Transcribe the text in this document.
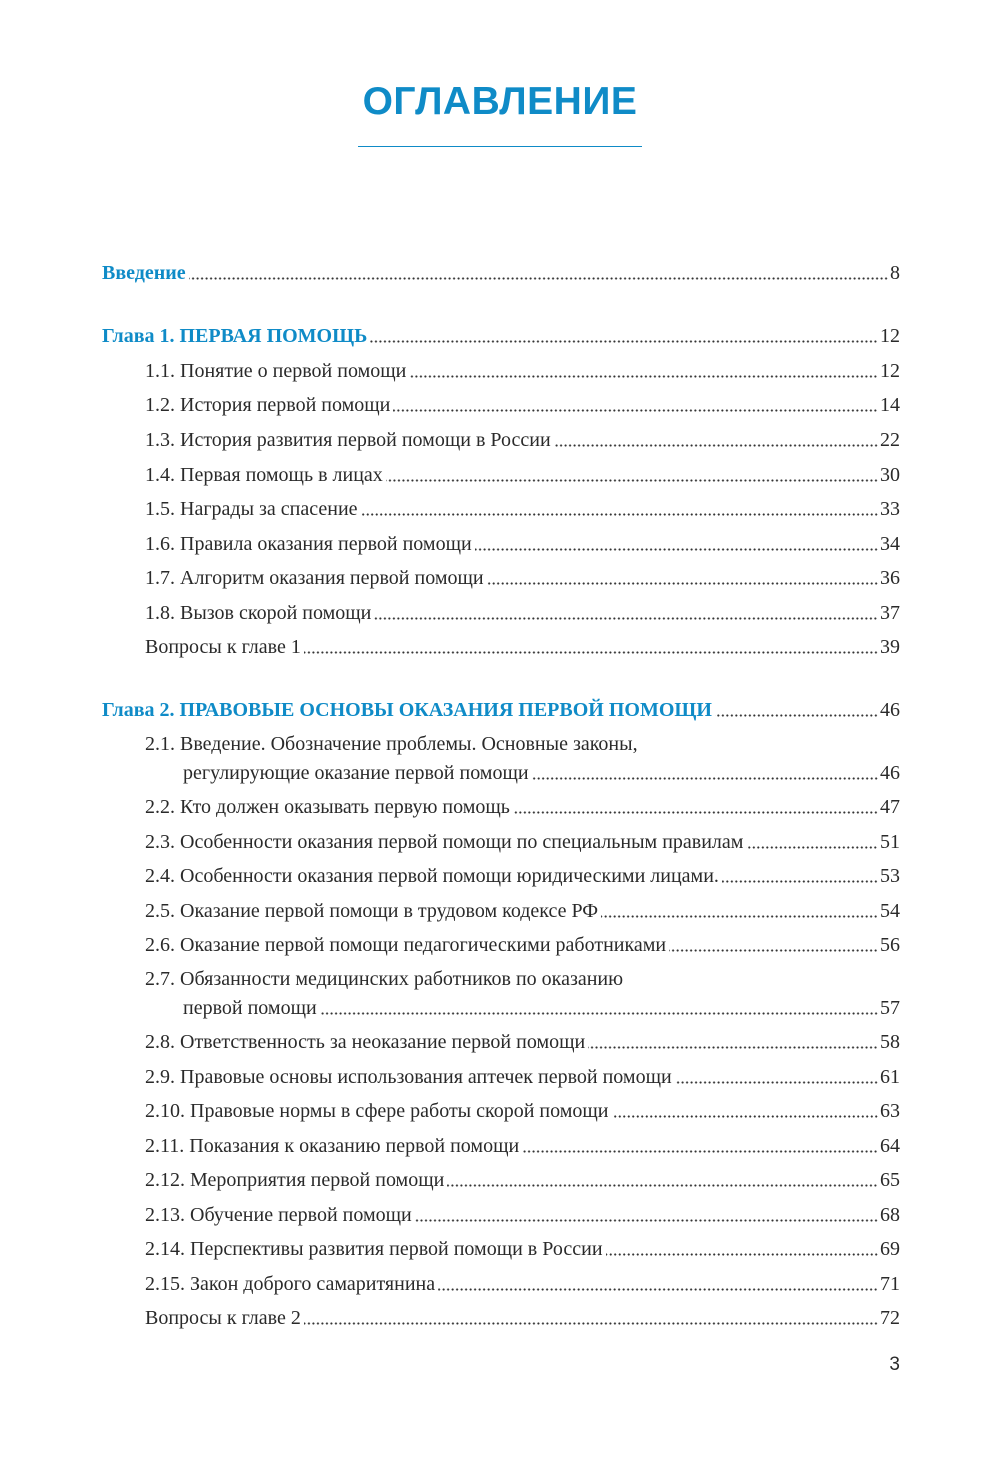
ОГЛАВЛЕНИЕ
Введение	8
Глава 1. ПЕРВАЯ ПОМОЩЬ	12
1.1. Понятие о первой помощи	12
1.2. История первой помощи	14
1.3. История развития первой помощи в России	22
1.4. Первая помощь в лицах	30
1.5. Награды за спасение	33
1.6. Правила оказания первой помощи	34
1.7. Алгоритм оказания первой помощи	36
1.8. Вызов скорой помощи	37
Вопросы к главе 1	39
Глава 2. ПРАВОВЫЕ ОСНОВЫ ОКАЗАНИЯ ПЕРВОЙ ПОМОЩИ	46
2.1. Введение. Обозначение проблемы. Основные законы,
регулирующие оказание первой помощи	46
2.2. Кто должен оказывать первую помощь	47
2.3. Особенности оказания первой помощи по специальным правилам	51
2.4. Особенности оказания первой помощи юридическими лицами.	53
2.5. Оказание первой помощи в трудовом кодексе РФ	54
2.6. Оказание первой помощи педагогическими работниками	56
2.7. Обязанности медицинских работников по оказанию
первой помощи	57
2.8. Ответственность за неоказание первой помощи	58
2.9. Правовые основы использования аптечек первой помощи	61
2.10. Правовые нормы в сфере работы скорой помощи	63
2.11. Показания к оказанию первой помощи	64
2.12. Мероприятия первой помощи	65
2.13. Обучение первой помощи	68
2.14. Перспективы развития первой помощи в России	69
2.15. Закон доброго самаритянина	71
Вопросы к главе 2	72
3
